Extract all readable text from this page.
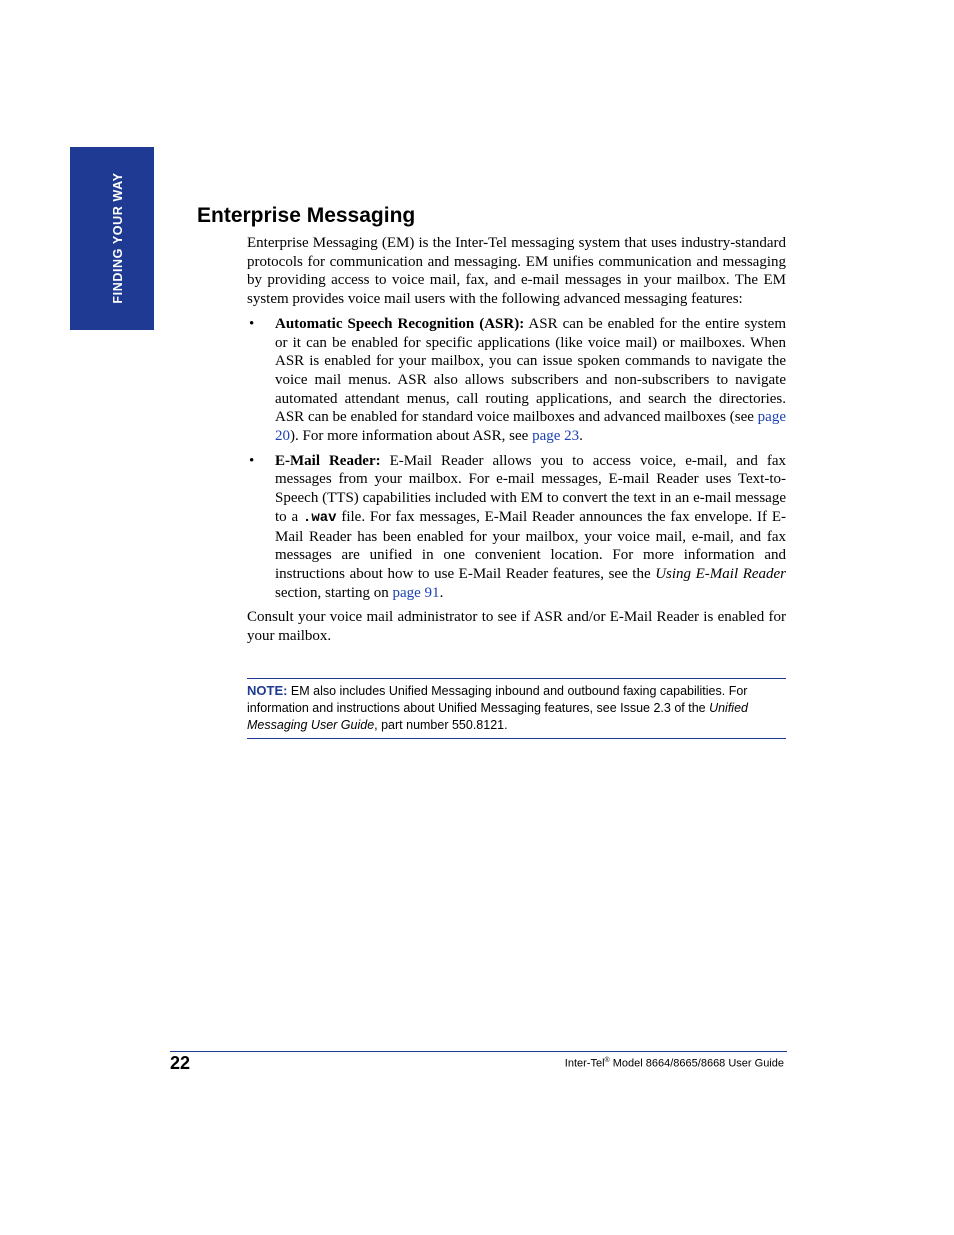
FINDING YOUR WAY	Enterprise Messaging

Enterprise Messaging (EM) is the Inter-Tel messaging system that uses industry-standard protocols for communication and messaging. EM unifies communication and messaging by providing access to voice mail, fax, and e-mail messages in your mailbox. The EM system provides voice mail users with the following advanced messaging features:

• Automatic Speech Recognition (ASR): ASR can be enabled for the entire system or it can be enabled for specific applications (like voice mail) or mailboxes. When ASR is enabled for your mailbox, you can issue spoken commands to navigate the voice mail menus. ASR also allows subscribers and non-subscribers to navigate automated attendant menus, call routing applications, and search the directories. ASR can be enabled for standard voice mailboxes and advanced mailboxes (see page 20). For more information about ASR, see page 23.
• E-Mail Reader: E-Mail Reader allows you to access voice, e-mail, and fax messages from your mailbox. For e-mail messages, E-mail Reader uses Text-to-Speech (TTS) capabilities included with EM to convert the text in an e-mail message to a .wav file. For fax messages, E-Mail Reader announces the fax envelope. If E-Mail Reader has been enabled for your mailbox, your voice mail, e-mail, and fax messages are unified in one convenient location. For more information and instructions about how to use E-Mail Reader features, see the Using E-Mail Reader section, starting on page 91.

Consult your voice mail administrator to see if ASR and/or E-Mail Reader is enabled for your mailbox.

NOTE: EM also includes Unified Messaging inbound and outbound faxing capabilities. For information and instructions about Unified Messaging features, see Issue 2.3 of the Unified Messaging User Guide, part number 550.8121.
22	Inter-Tel® Model 8664/8665/8668 User Guide
